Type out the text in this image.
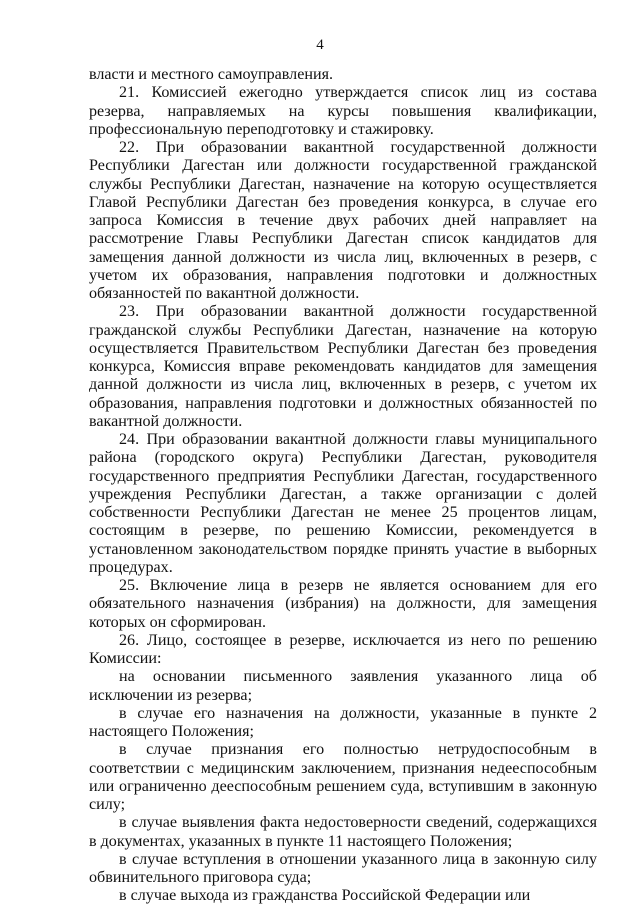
4

власти и местного самоуправления.

21. Комиссией ежегодно утверждается список лиц из состава резерва, направляемых на курсы повышения квалификации, профессиональную переподготовку и стажировку.

22. При образовании вакантной государственной должности Республики Дагестан или должности государственной гражданской службы Республики Дагестан, назначение на которую осуществляется Главой Республики Дагестан без проведения конкурса, в случае его запроса Комиссия в течение двух рабочих дней направляет на рассмотрение Главы Республики Дагестан список кандидатов для замещения данной должности из числа лиц, включенных в резерв, с учетом их образования, направления подготовки и должностных обязанностей по вакантной должности.

23. При образовании вакантной должности государственной гражданской службы Республики Дагестан, назначение на которую осуществляется Правительством Республики Дагестан без проведения конкурса, Комиссия вправе рекомендовать кандидатов для замещения данной должности из числа лиц, включенных в резерв, с учетом их образования, направления подготовки и должностных обязанностей по вакантной должности.

24. При образовании вакантной должности главы муниципального района (городского округа) Республики Дагестан, руководителя государственного предприятия Республики Дагестан, государственного учреждения Республики Дагестан, а также организации с долей собственности Республики Дагестан не менее 25 процентов лицам, состоящим в резерве, по решению Комиссии, рекомендуется в установленном законодательством порядке принять участие в выборных процедурах.

25. Включение лица в резерв не является основанием для его обязательного назначения (избрания) на должности, для замещения которых он сформирован.

26. Лицо, состоящее в резерве, исключается из него по решению Комиссии:

на основании письменного заявления указанного лица об исключении из резерва;

в случае его назначения на должности, указанные в пункте 2 настоящего Положения;

в случае признания его полностью нетрудоспособным в соответствии с медицинским заключением, признания недееспособным или ограниченно дееспособным решением суда, вступившим в законную силу;

в случае выявления факта недостоверности сведений, содержащихся в документах, указанных в пункте 11 настоящего Положения;

в случае вступления в отношении указанного лица в законную силу обвинительного приговора суда;

в случае выхода из гражданства Российской Федерации или
